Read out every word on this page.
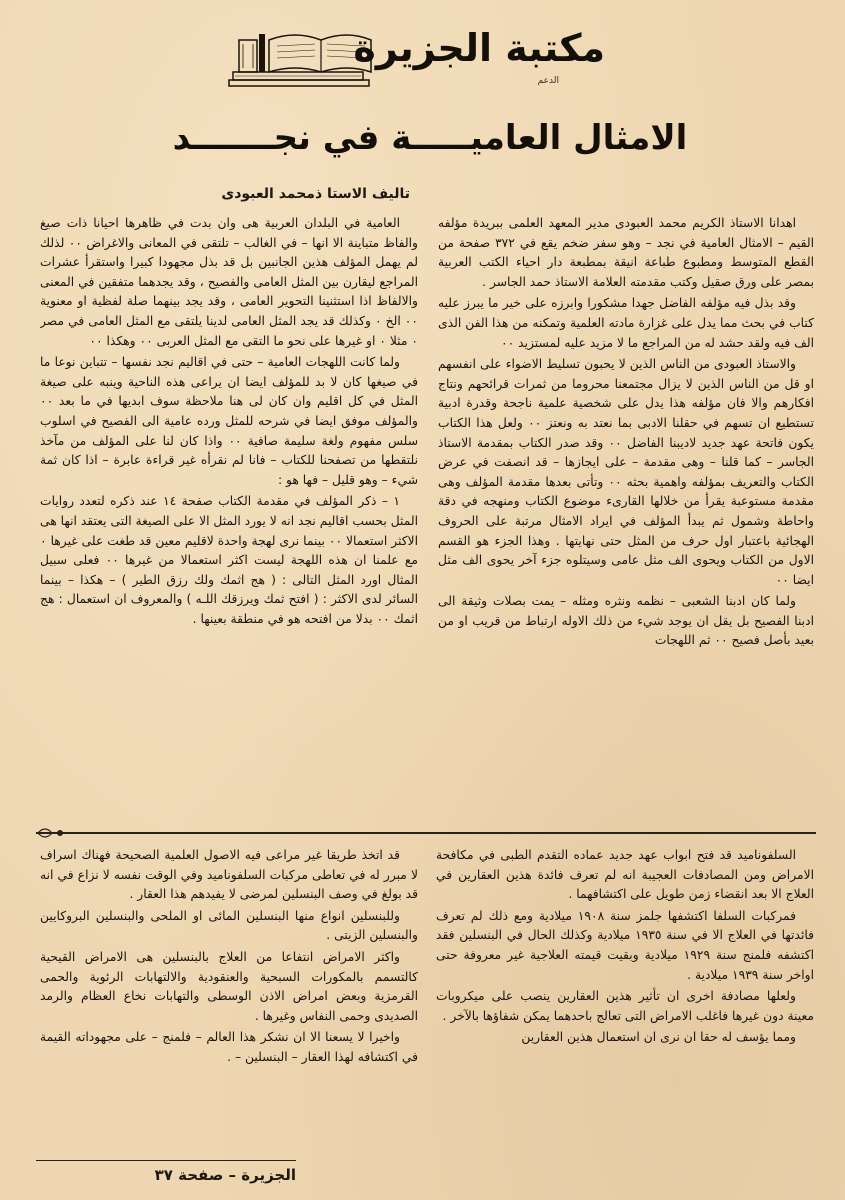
مكتبة الجزيرة
الدعم
الامثال العاميـــــة في نجـــــــد
تاليف الاستا ذمحمد العبودى

اهدانا الاستاذ الكريم محمد العبودى مدير المعهد العلمى ببريدة مؤلفه القيم – الامثال العامية في نجد – وهو سفر ضخم يقع في ٣٧٢ صفحة من القطع المتوسط ومطبوع طباعة انيقة بمطبعة دار احياء الكتب العربية بمصر على ورق صقيل وكتب مقدمته العلامة الاستاذ حمد الجاسر .

وقد بذل فيه مؤلفه الفاضل جهدا مشكورا وابرزه على خير ما يبرز عليه كتاب في بحث مما يدل على غزارة مادته العلمية وتمكنه من هذا الفن الذى الف فيه ولقد حشد له من المراجع ما لا مزيد عليه لمستزيد ٠٠

والاستاذ العبودى من الناس الذين لا يحبون تسليط الاضواء على انفسهم او قل من الناس الذين لا يزال مجتمعنا محروما من ثمرات قرائحهم ونتاج افكارهم والا فان مؤلفه هذا يدل على شخصية علمية ناجحة وقدرة ادبية تستطيع ان تسهم في حقلنا الادبى بما نعتد به ونعتز ٠٠ ولعل هذا الكتاب يكون فاتحة عهد جديد لاديبنا الفاضل ٠٠ وقد صدر الكتاب بمقدمة الاستاذ الجاسر – كما قلنا – وهى مقدمة – على ايجازها – قد انصفت في عرض الكتاب والتعريف بمؤلفه واهمية بحثه ٠٠ وتأتى بعدها مقدمة المؤلف وهى مقدمة مستوعبة يقرأ من خلالها القارىء موضوع الكتاب ومنهجه في دقة واحاطة وشمول ثم يبدأ المؤلف في ايراد الامثال مرتبة على الحروف الهجائية باعتبار اول حرف من المثل حتى نهايتها . وهذا الجزء هو القسم الاول من الكتاب ويحوى الف مثل عامى وسيتلوه جزء آخر يحوى الف مثل ايضا ٠٠

ولما كان ادبنا الشعبى – نظمه ونثره ومثله – يمت بصلات وثيقة الى ادبنا الفصيح بل يقل ان يوجد شيء من ذلك الاوله ارتباط من قريب او من بعيد بأصل فصيح ٠٠ ثم اللهجات

العامية في البلدان العربية هى وان بدت في ظاهرها احيانا ذات صيغ والفاظ متباينة الا انها – في الغالب – تلتقى في المعانى والاغراض ٠٠ لذلك لم يهمل المؤلف هذين الجانبين بل قد بذل مجهودا كبيرا واستقرأ عشرات المراجع ليقارن بين المثل العامى والفصيح ، وقد يجدهما متفقين في المعنى والالفاظ اذا استثنينا التحوير العامى ، وقد يجد بينهما صلة لفظية او معنوية ٠٠ الخ ٠ وكذلك قد يجد المثل العامى لدينا يلتقى مع المثل العامى في مصر ٠ مثلا ٠ او غيرها على نحو ما التقى مع المثل العربى ٠٠ وهكذا ٠٠

ولما كانت اللهجات العامية – حتى في اقاليم نجد نفسها – تتباين نوعا ما في صيغها كان لا بد للمؤلف ايضا ان يراعى هذه الناحية وينبه على صيغة المثل في كل اقليم وان كان لى هنا ملاحظة سوف ابديها في ما بعد ٠٠ والمؤلف موفق ايضا في شرحه للمثل ورده عامية الى الفصيح في اسلوب سلس مفهوم ولغة سليمة صافية ٠٠ واذا كان لنا على المؤلف من مآخذ نلتقطها من تصفحنا للكتاب – فانا لم نقرأه غير قراءة عابرة – اذا كان ثمة شيء – وهو قليل – فها هو :

١ – ذكر المؤلف في مقدمة الكتاب صفحة ١٤ عند ذكره لتعدد روايات المثل بحسب اقاليم نجد انه لا يورد المثل الا على الصيغة التى يعتقد انها هى الاكثر استعمالا ٠٠ بينما نرى لهجة واحدة لاقليم معين قد طغت على غيرها ٠ مع علمنا ان هذه اللهجة ليست اكثر استعمالا من غيرها ٠٠ فعلى سبيل المثال اورد المثل التالى : ( هج اثمك ولك رزق الطير ) – هكذا – بينما السائر لدى الاكثر : ( افتح ثمك ويرزقك اللـه ) والمعروف ان استعمال : هج اثمك ٠٠ بدلا من افتحه هو في منطقة بعينها .

السلفونامید قد فتح ابواب عهد جديد عماده التقدم الطبى في مكافحة الامراض ومن المصادفات العجيبة انه لم تعرف فائدة هذين العقارين في العلاج الا بعد انقضاء زمن طويل على اكتشافهما .

فمركبات السلفا اكتشفها جلمز سنة ١٩٠٨ ميلادية ومع ذلك لم تعرف فائدتها في العلاج الا في سنة ١٩٣٥ ميلادية وكذلك الحال في البنسلين فقد اكتشفه فلمنج سنة ١٩٢٩ ميلادية وبقيت قيمته العلاجية غير معروفة حتى اواخر سنة ١٩٣٩ ميلادية .

ولعلها مصادفة اخرى ان تأثير هذين العقارين ينصب على ميكروبات معينة دون غيرها فاغلب الامراض التى تعالج باحدهما يمكن شفاؤها بالآخر .

ومما يؤسف له حقا ان نرى ان استعمال هذين العقارين

قد اتخذ طريقا غير مراعى فيه الاصول العلمية الصحيحة فهناك اسراف لا مبرر له في تعاطى مركبات السلفونامید وفي الوقت نفسه لا نزاع في انه قد بولغ في وصف البنسلين لمرضى لا يفيدهم هذا العقار .

وللبنسلين انواع منها البنسلين المائى او الملحى والبنسلين البروكايين والبنسلين الزيتى .

واكثر الامراض انتفاعا من العلاج بالبنسلين هى الامراض القيحية كالتسمم بالمكورات السبحية والعنقودية والالتهابات الرئوية والحمى القرمزية وبعض امراض الاذن الوسطى والتهابات نخاع العظام والرمد الصديدى وحمى النفاس وغيرها .

واخيرا لا يسعنا الا ان نشكر هذا العالم – فلمنج – على مجهوداته القيمة في اكتشافه لهذا العقار – البنسلين – .

الجزيرة – صفحة ٣٧
